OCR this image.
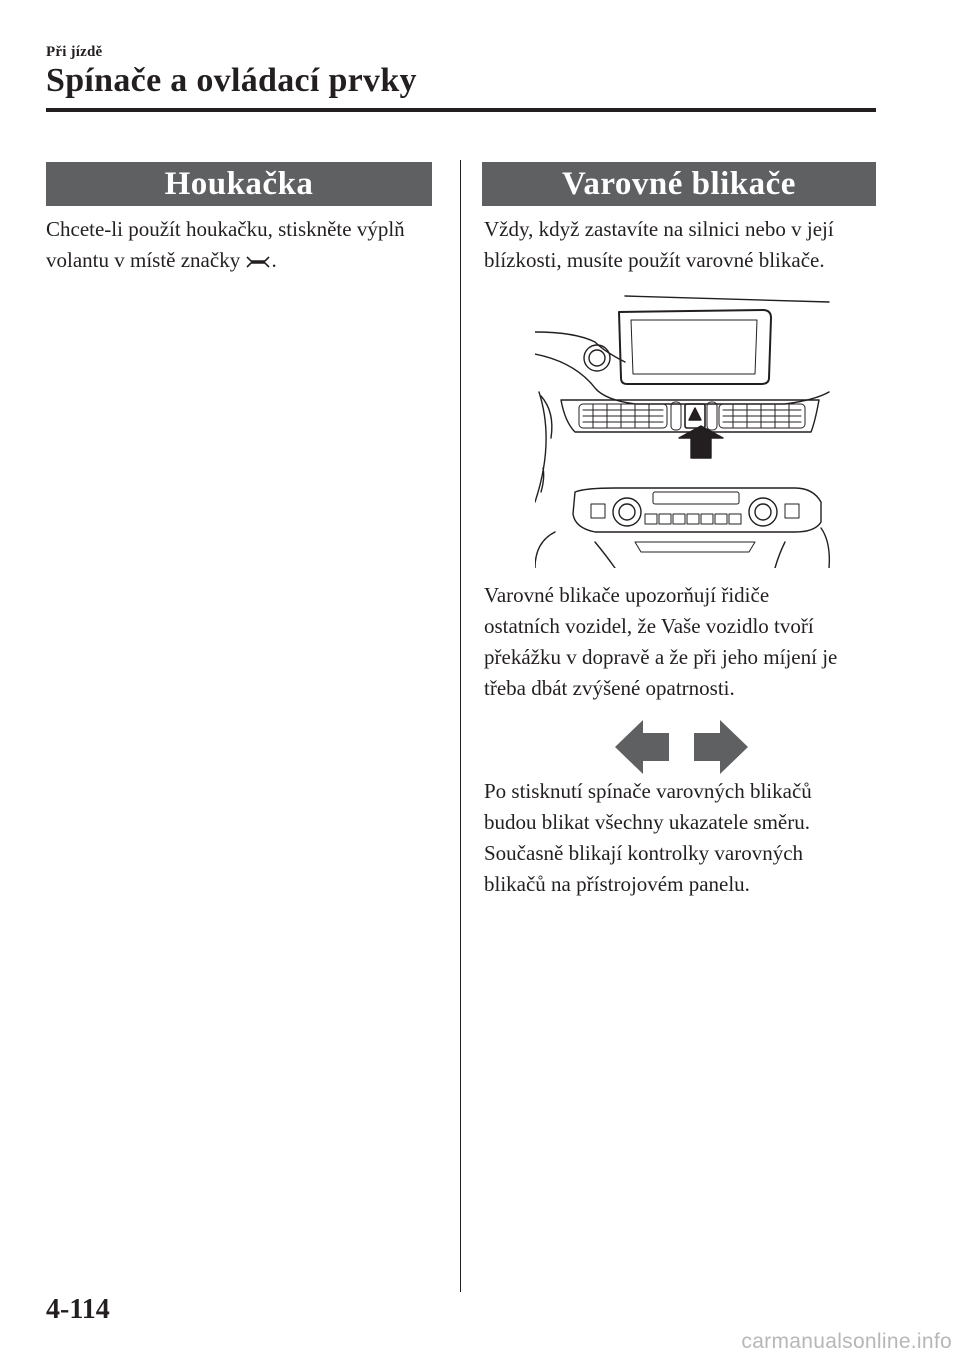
Při jízdě
Spínače a ovládací prvky
Houkačka

Chcete-li použít houkačku, stiskněte výplň
volantu v místě značky .

Varovné blikače

Vždy, když zastavíte na silnici nebo v její
blízkosti, musíte použít varovné blikače.

Varovné blikače upozorňují řidiče
ostatních vozidel, že Vaše vozidlo tvoří
překážku v dopravě a že při jeho míjení je
třeba dbát zvýšené opatrnosti.

Po stisknutí spínače varovných blikačů
budou blikat všechny ukazatele směru.
Současně blikají kontrolky varovných
blikačů na přístrojovém panelu.

4-114
carmanualsonline.info
